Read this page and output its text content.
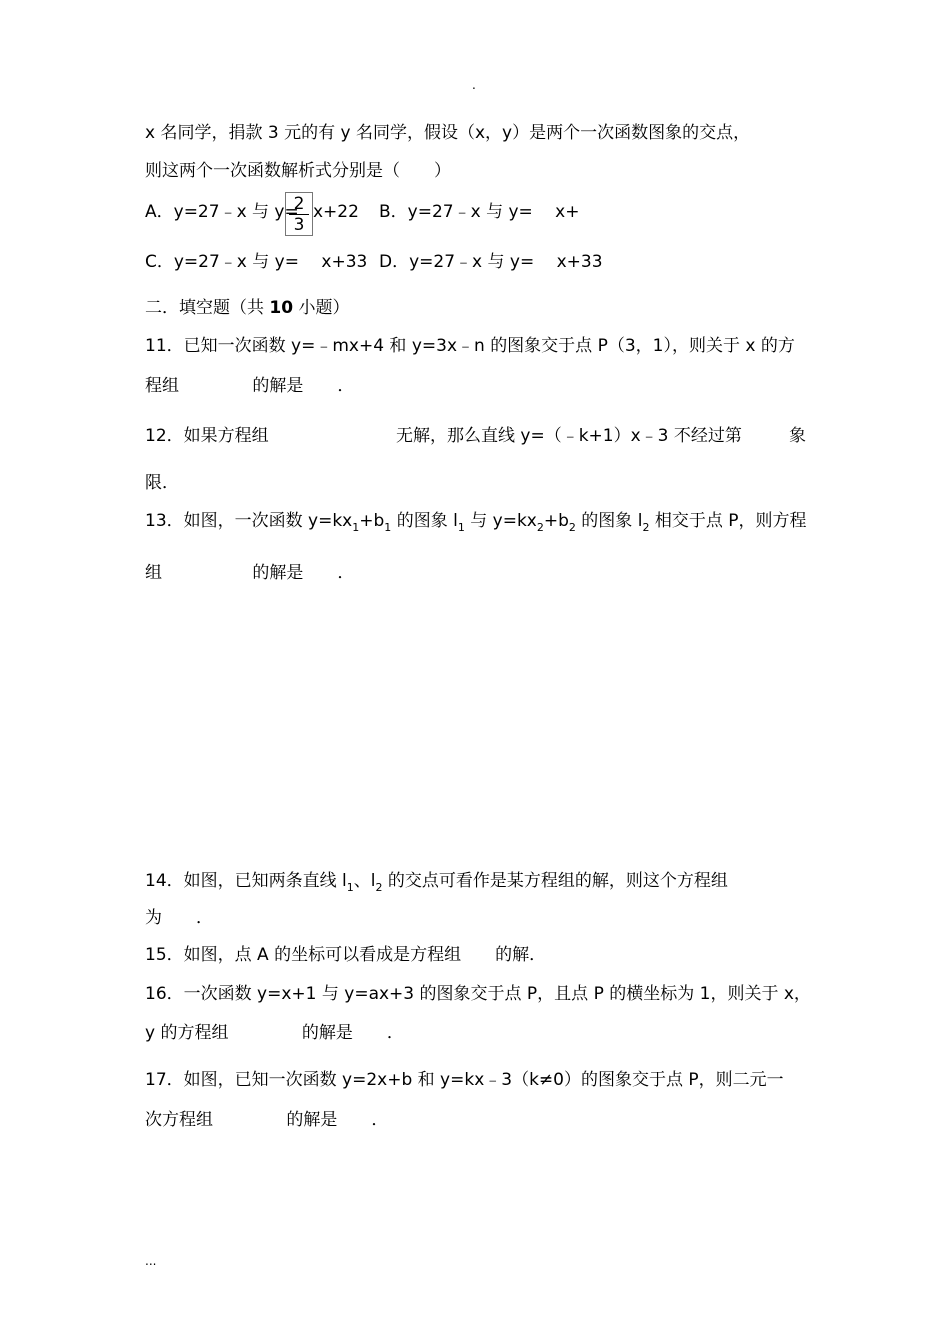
.
x 名同学，捐款 3 元的有 y 名同学，假设（x，y）是两个一次函数图象的交点，
则这两个一次函数解析式分别是（　　）
A．y=27﹣x 与 y=
2
3
x+22 B．y=27﹣x 与 y=　 x+
C．y=27﹣x 与 y=　 x+33 D．y=27﹣x 与 y=　 x+33
二．填空题（共 10 小题）
11．已知一次函数 y=﹣mx+4 和 y=3x﹣n 的图象交于点 P（3，1），则关于 x 的方
程组　　　　 的解是　　．
12．如果方程组	无解，那么直线 y=（﹣k+1）x﹣3 不经过第	象
限．
13．如图，一次函数 $y=kx_1+b_1$ 的图象 $l_1$ 与 $y=kx_2+b_2$ 的图象 $l_2$ 相交于点 P，则方程
组　　　　　 的解是　　．
14．如图，已知两条直线 $l_1$、$l_2$ 的交点可看作是某方程组的解，则这个方程组
为　　．
15．如图，点 A 的坐标可以看成是方程组　　的解．
16．一次函数 y=x+1 与 y=ax+3 的图象交于点 P，且点 P 的横坐标为 1，则关于 x，
y 的方程组　　　　 的解是　　．
17．如图，已知一次函数 y=2x+b 和 y=kx﹣3（k≠0）的图象交于点 P，则二元一
次方程组　　　　 的解是　　．
...
